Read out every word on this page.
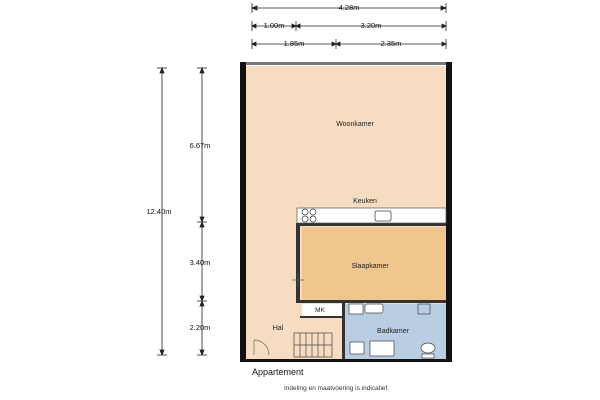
Woonkamer
Keuken
Slaapkamer
MK
Hal	Badkamer
4.28m
1.00m	3.20m
1.85m	2.35m
12.40m
6.67m
3.40m
2.20m
Appartement
Indeling en maatvoering is indicatief.
